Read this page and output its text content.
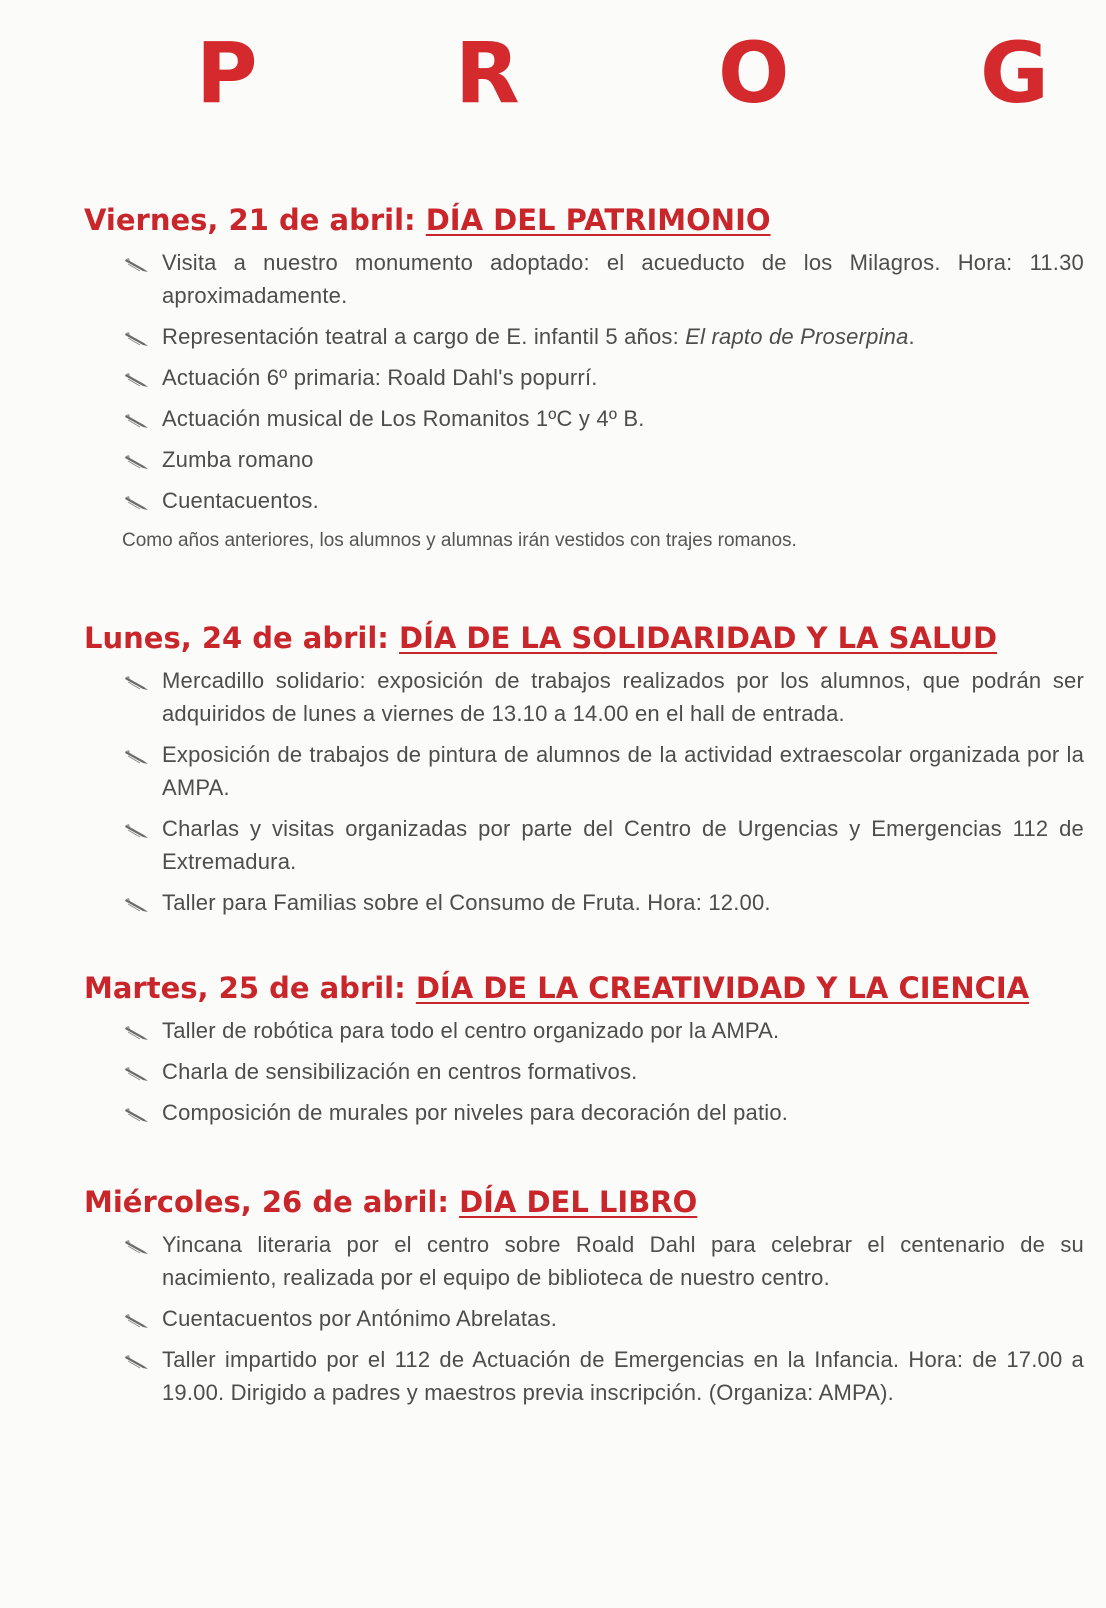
P R O G
Viernes, 21 de abril: DÍA DEL PATRIMONIO
Visita a nuestro monumento adoptado: el acueducto de los Milagros. Hora: 11.30 aproximadamente.
Representación teatral a cargo de E. infantil 5 años: El rapto de Proserpina.
Actuación 6º primaria: Roald Dahl's popurrí.
Actuación musical de Los Romanitos 1ºC y 4º B.
Zumba romano
Cuentacuentos.

Como años anteriores, los alumnos y alumnas irán vestidos con trajes romanos.

Lunes, 24 de abril: DÍA DE LA SOLIDARIDAD Y LA SALUD
Mercadillo solidario: exposición de trabajos realizados por los alumnos, que podrán ser adquiridos de lunes a viernes de 13.10 a 14.00 en el hall de entrada.
Exposición de trabajos de pintura de alumnos de la actividad extraescolar organizada por la AMPA.
Charlas y visitas organizadas por parte del Centro de Urgencias y Emergencias 112 de Extremadura.
Taller para Familias sobre el Consumo de Fruta. Hora: 12.00.
Martes, 25 de abril: DÍA DE LA CREATIVIDAD Y LA CIENCIA
Taller de robótica para todo el centro organizado por la AMPA.
Charla de sensibilización en centros formativos.
Composición de murales por niveles para decoración del patio.
Miércoles, 26 de abril: DÍA DEL LIBRO
Yincana literaria por el centro sobre Roald Dahl para celebrar el centenario de su nacimiento, realizada por el equipo de biblioteca de nuestro centro.
Cuentacuentos por Antónimo Abrelatas.
Taller impartido por el 112 de Actuación de Emergencias en la Infancia. Hora: de 17.00 a 19.00. Dirigido a padres y maestros previa inscripción. (Organiza: AMPA).
